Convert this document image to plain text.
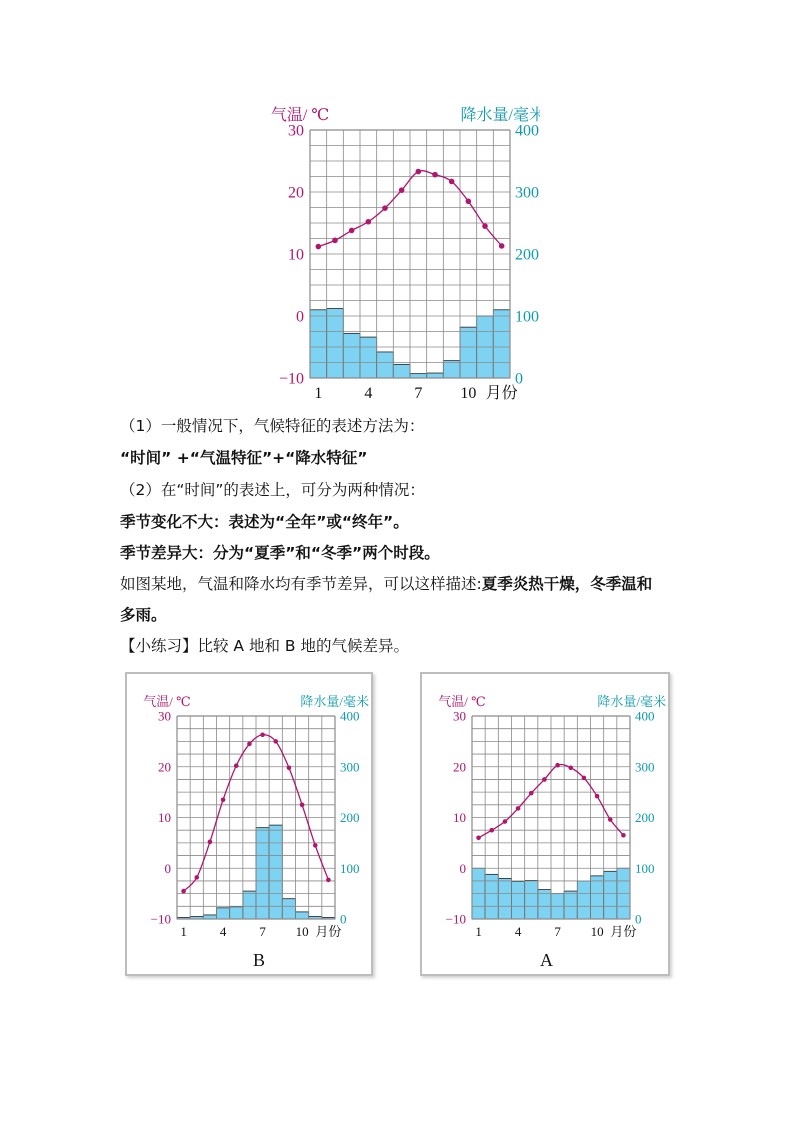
30
20
10
0
−10
400
300
200
100
0
气温/ ℃	降水量/毫米
1	4	7 10 月份
（1）一般情况下，气候特征的表述方法为：
“时间” +“气温特征”+“降水特征”
（2）在“时间”的表述上，可分为两种情况：
季节变化不大：表述为“全年”或“终年”。
季节差异大：分为“夏季”和“冬季”两个时段。
如图某地，气温和降水均有季节差异，可以这样描述:夏季炎热干燥，冬季温和
多雨。
【小练习】比较 A 地和 B 地的气候差异。
30
20
10
0
−10
400
300
200
100
0
气温/ ℃	降水量/毫米
1	4	7 10 月份
B
30
20
10
0
−10
400
300
200
100
0
气温/ ℃	降水量/毫米
1	4	7 10 月份
A
